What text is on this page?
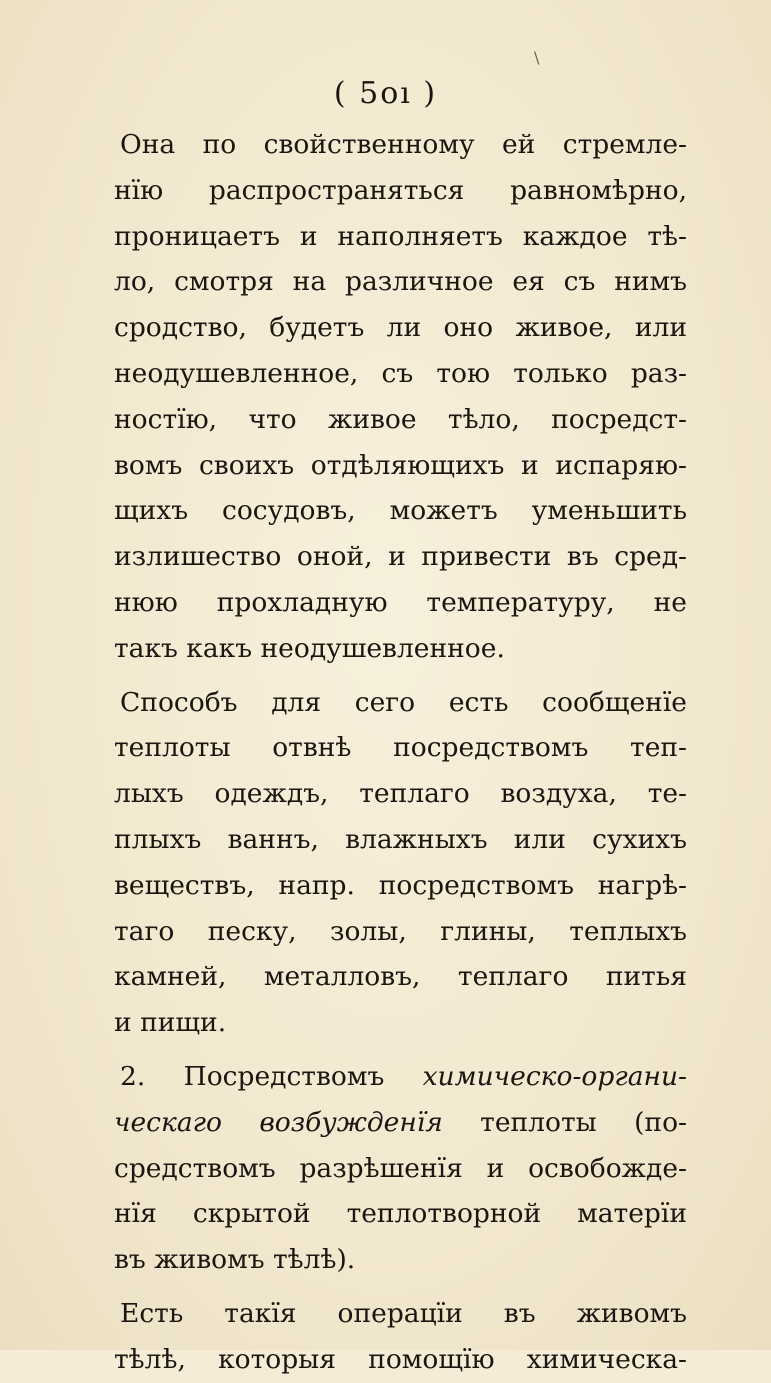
\
( 5oı )
Она по свойственному ей стремле-
нїю распространяться равномѣрно,
проницаетъ и наполняетъ каждое тѣ-
ло, смотря на различное ея съ нимъ
сродство, будетъ ли оно живое, или
неодушевленное, съ тою только раз-
ностїю, что живое тѣло, посредст-
вомъ своихъ отдѣляющихъ и испаряю-
щихъ сосудовъ, можетъ уменьшить
излишество оной, и привести въ сред-
нюю прохладную температуру, не
такъ какъ неодушевленное.
Способъ для сего есть сообщенїе
теплоты отвнѣ посредствомъ теп-
лыхъ одеждъ, теплаго воздуха, те-
плыхъ ваннъ, влажныхъ или сухихъ
веществъ, напр. посредствомъ нагрѣ-
таго песку, золы, глины, теплыхъ
камней, металловъ, теплаго питья
и пищи.
2. Посредствомъ химическо-органи-
ческаго возбужденїя теплоты (по-
средствомъ разрѣшенїя и освобожде-
нїя скрытой теплотворной матерїи
въ живомъ тѣлѣ).
Есть такїя операцїи въ живомъ
тѣлѣ, которыя помощїю химическа-
